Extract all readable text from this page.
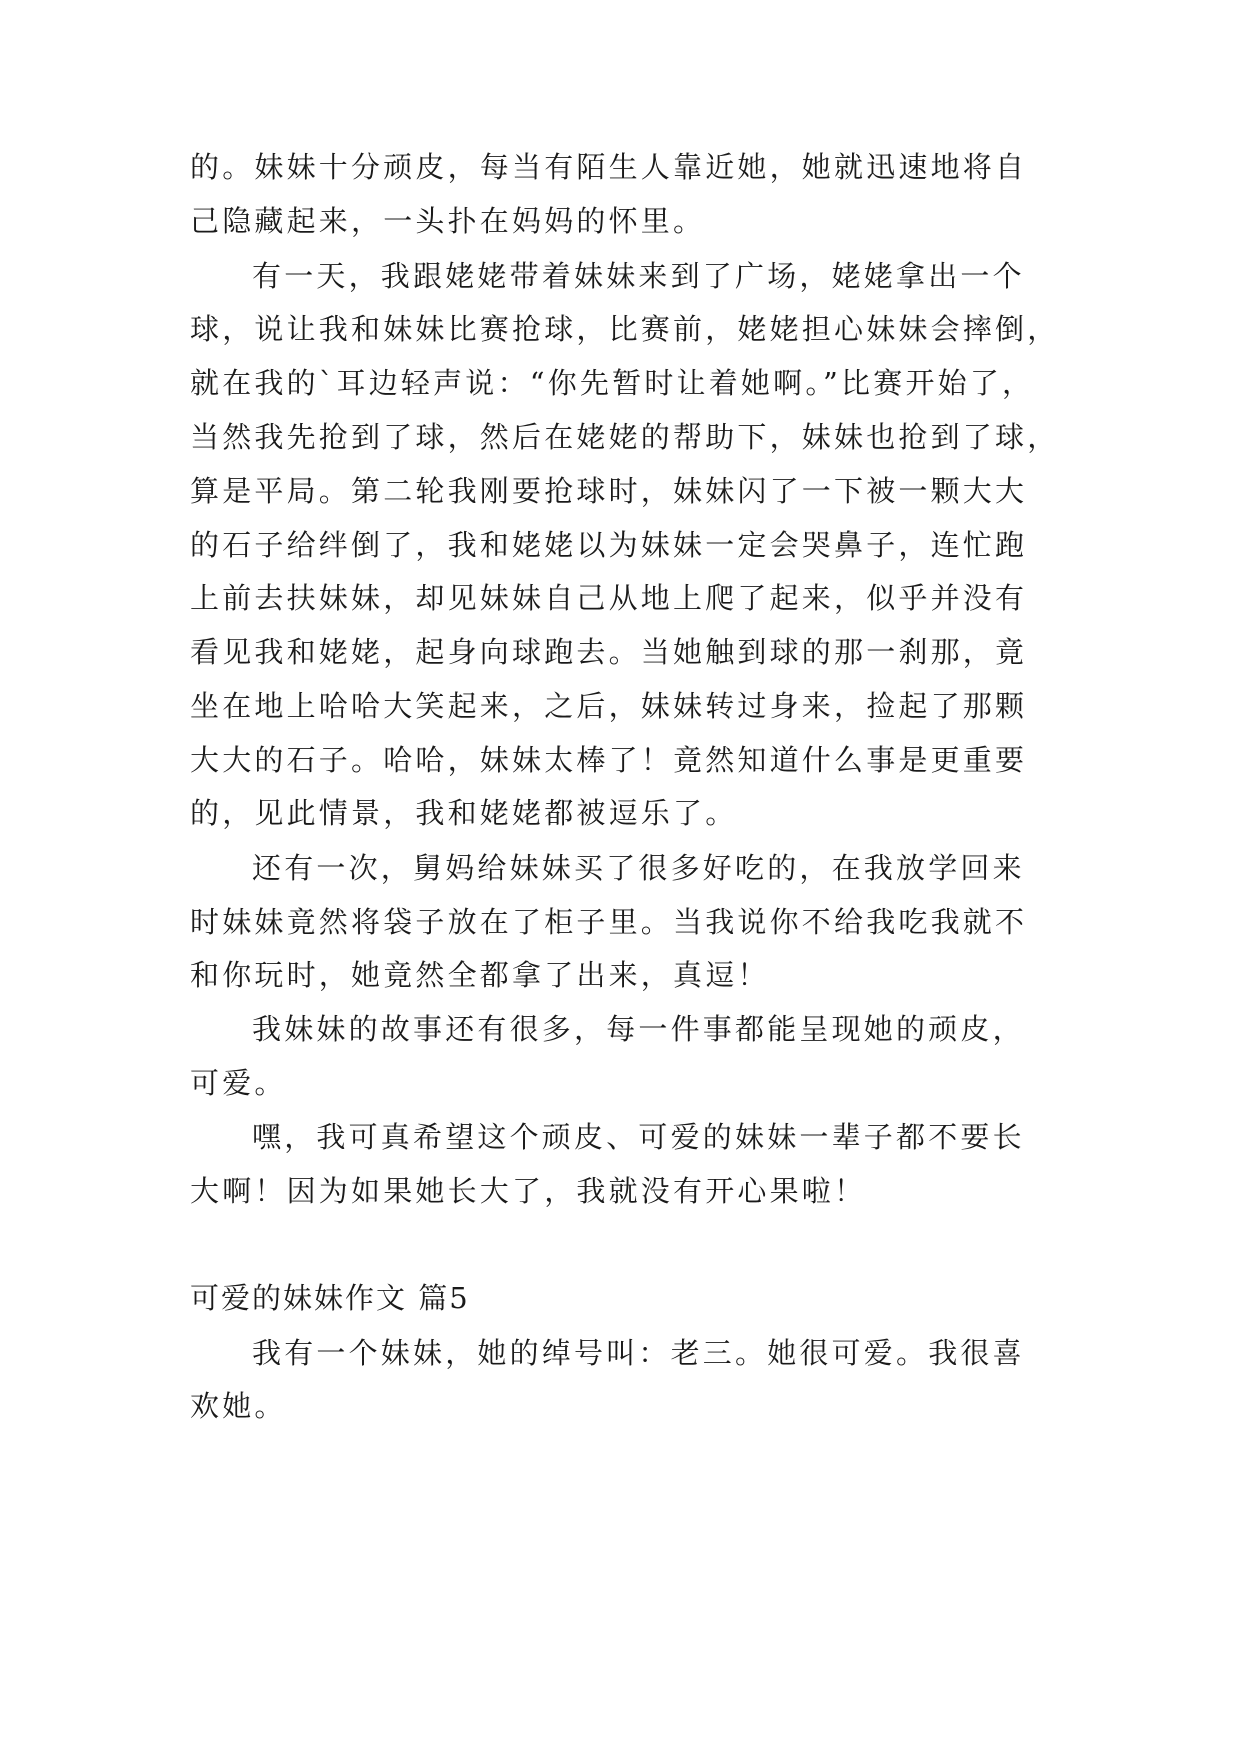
的。妹妹十分顽皮，每当有陌生人靠近她，她就迅速地将自
己隐藏起来，一头扑在妈妈的怀里。
有一天，我跟姥姥带着妹妹来到了广场，姥姥拿出一个
球，说让我和妹妹比赛抢球，比赛前，姥姥担心妹妹会摔倒，
就在我的`耳边轻声说：“你先暂时让着她啊。”比赛开始了，
当然我先抢到了球，然后在姥姥的帮助下，妹妹也抢到了球，
算是平局。第二轮我刚要抢球时，妹妹闪了一下被一颗大大
的石子给绊倒了，我和姥姥以为妹妹一定会哭鼻子，连忙跑
上前去扶妹妹，却见妹妹自己从地上爬了起来，似乎并没有
看见我和姥姥，起身向球跑去。当她触到球的那一刹那，竟
坐在地上哈哈大笑起来，之后，妹妹转过身来，捡起了那颗
大大的石子。哈哈，妹妹太棒了！竟然知道什么事是更重要
的，见此情景，我和姥姥都被逗乐了。
还有一次，舅妈给妹妹买了很多好吃的，在我放学回来
时妹妹竟然将袋子放在了柜子里。当我说你不给我吃我就不
和你玩时，她竟然全都拿了出来，真逗！
我妹妹的故事还有很多，每一件事都能呈现她的顽皮，
可爱。
嘿，我可真希望这个顽皮、可爱的妹妹一辈子都不要长
大啊！因为如果她长大了，我就没有开心果啦！
可爱的妹妹作文 篇5
我有一个妹妹，她的绰号叫：老三。她很可爱。我很喜
欢她。
